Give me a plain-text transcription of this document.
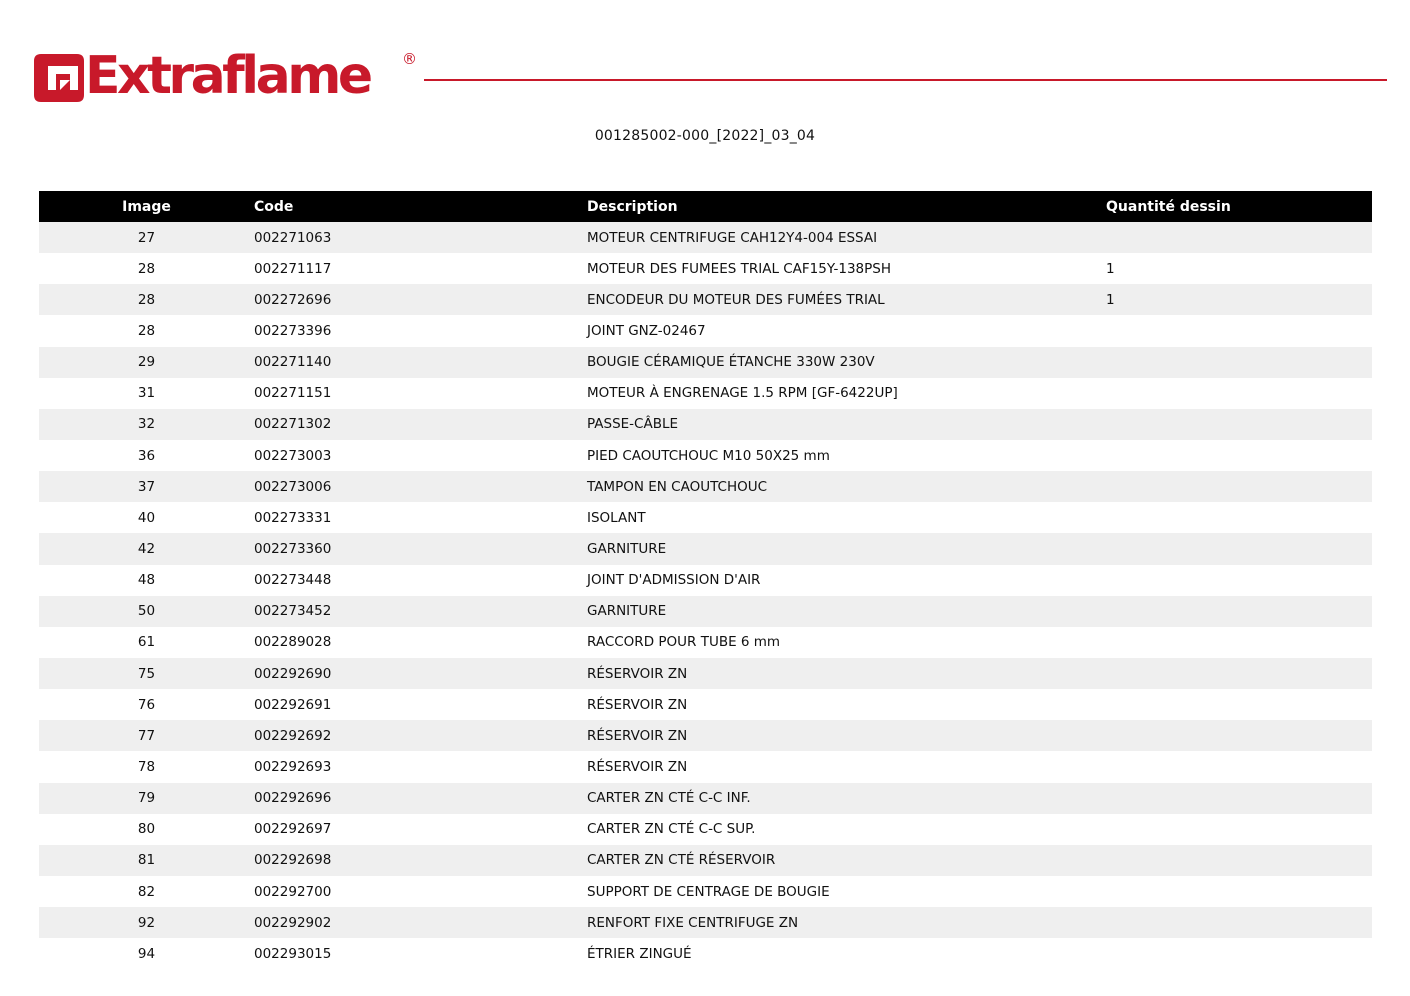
Extraflame ®
001285002-000_[2022]_03_04
Image	Code	Description	Quantité dessin
27	002271063	MOTEUR CENTRIFUGE CAH12Y4-004 ESSAI	
28	002271117	MOTEUR DES FUMEES TRIAL CAF15Y-138PSH	1
28	002272696	ENCODEUR DU MOTEUR DES FUMÉES TRIAL	1
28	002273396	JOINT GNZ-02467	
29	002271140	BOUGIE CÉRAMIQUE ÉTANCHE 330W 230V	
31	002271151	MOTEUR À ENGRENAGE 1.5 RPM [GF-6422UP]	
32	002271302	PASSE-CÂBLE	
36	002273003	PIED CAOUTCHOUC M10 50X25 mm	
37	002273006	TAMPON EN CAOUTCHOUC	
40	002273331	ISOLANT	
42	002273360	GARNITURE	
48	002273448	JOINT D'ADMISSION D'AIR	
50	002273452	GARNITURE	
61	002289028	RACCORD POUR TUBE 6 mm	
75	002292690	RÉSERVOIR ZN	
76	002292691	RÉSERVOIR ZN	
77	002292692	RÉSERVOIR ZN	
78	002292693	RÉSERVOIR ZN	
79	002292696	CARTER ZN CTÉ C-C INF.	
80	002292697	CARTER ZN CTÉ C-C SUP.	
81	002292698	CARTER ZN CTÉ RÉSERVOIR	
82	002292700	SUPPORT DE CENTRAGE DE BOUGIE	
92	002292902	RENFORT FIXE CENTRIFUGE ZN	
94	002293015	ÉTRIER ZINGUÉ	
